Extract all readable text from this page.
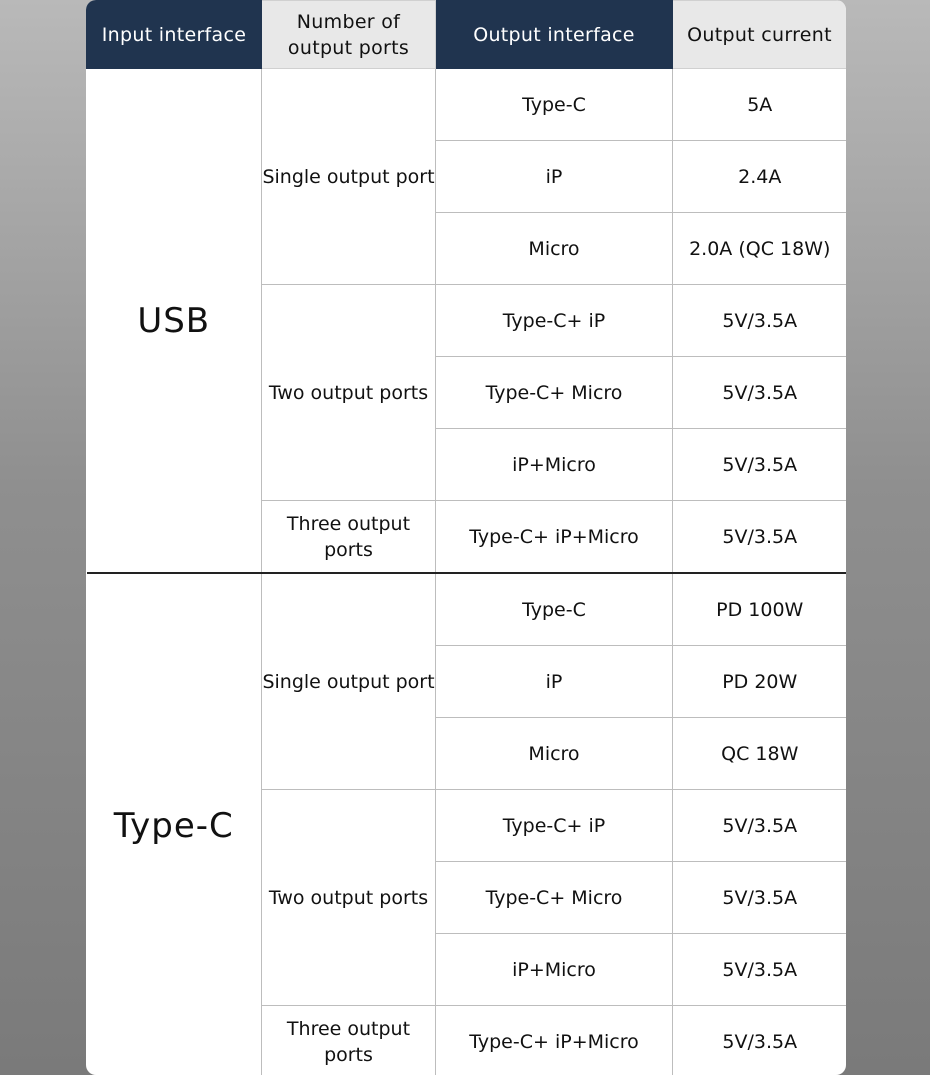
Input interface	Number of output ports	Output interface	Output current
USB	Single output port	Type-C	5A
		iP	2.4A
		Micro	2.0A (QC 18W)
	Two output ports	Type-C+ iP	5V/3.5A
		Type-C+ Micro	5V/3.5A
		iP+Micro	5V/3.5A
	Three output ports	Type-C+ iP+Micro	5V/3.5A
Type-C	Single output port	Type-C	PD 100W
		iP	PD 20W
		Micro	QC 18W
	Two output ports	Type-C+ iP	5V/3.5A
		Type-C+ Micro	5V/3.5A
		iP+Micro	5V/3.5A
	Three output ports	Type-C+ iP+Micro	5V/3.5A
